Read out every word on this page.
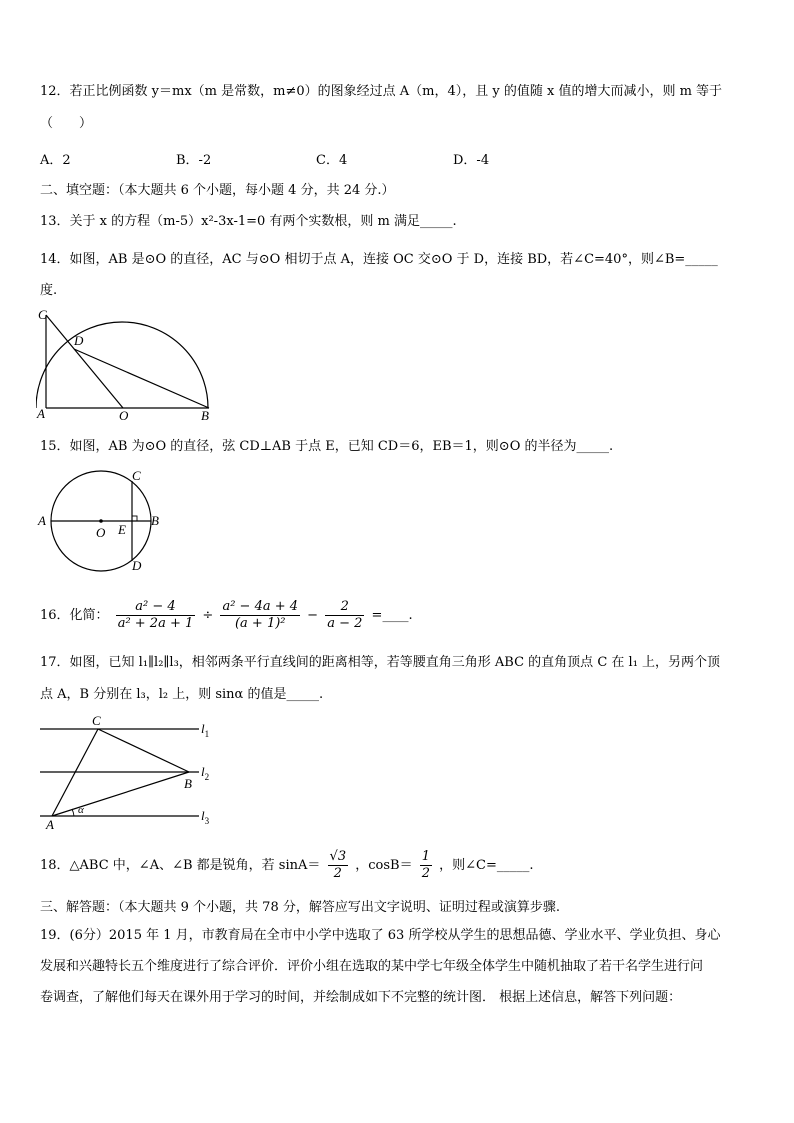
12．若正比例函数 y＝mx（m 是常数，m≠0）的图象经过点 A（m，4），且 y 的值随 x 值的增大而减小，则 m 等于
（　　）
A．2	B．-2	C．4	D．-4
二、填空题：（本大题共 6 个小题，每小题 4 分，共 24 分.）
13．关于 x 的方程（m-5）x²-3x-1=0 有两个实数根，则 m 满足_____.
14．如图，AB 是⊙O 的直径，AC 与⊙O 相切于点 A，连接 OC 交⊙O 于 D，连接 BD，若∠C=40°，则∠B=_____
度.
C
D
A	O	B
15．如图，AB 为⊙O 的直径，弦 CD⊥AB 于点 E，已知 CD＝6，EB＝1，则⊙O 的半径为_____.
A	B
C
D
E
O
16．化简： $\frac{\text{a² − 4}}{\text{a² + 2a + 1}} \div \frac{\text{a² − 4a + 4}}{\text{(a + 1)²}} - \frac{2}{a - 2}$ =____.
17．如图，已知 l₁∥l₂∥l₃，相邻两条平行直线间的距离相等，若等腰直角三角形 ABC 的直角顶点 C 在 l₁ 上，另两个顶
点 A，B 分别在 l₃，l₂ 上，则 sinα 的值是_____.
C
B
A
α
$l_1$
$l_2$
$l_3$
18．△ABC 中，∠A、∠B 都是锐角，若 $\sin A= \frac{√3}{2}$ ，$\cos B= \frac{1}{2}$ ，则∠C=_____.
三、解答题：（本大题共 9 个小题，共 78 分，解答应写出文字说明、证明过程或演算步骤.
19．(6分）2015 年 1 月，市教育局在全市中小学中选取了 63 所学校从学生的思想品德、学业水平、学业负担、身心
发展和兴趣特长五个维度进行了综合评价．评价小组在选取的某中学七年级全体学生中随机抽取了若干名学生进行问
卷调查，了解他们每天在课外用于学习的时间，并绘制成如下不完整的统计图． 根据上述信息，解答下列问题：
